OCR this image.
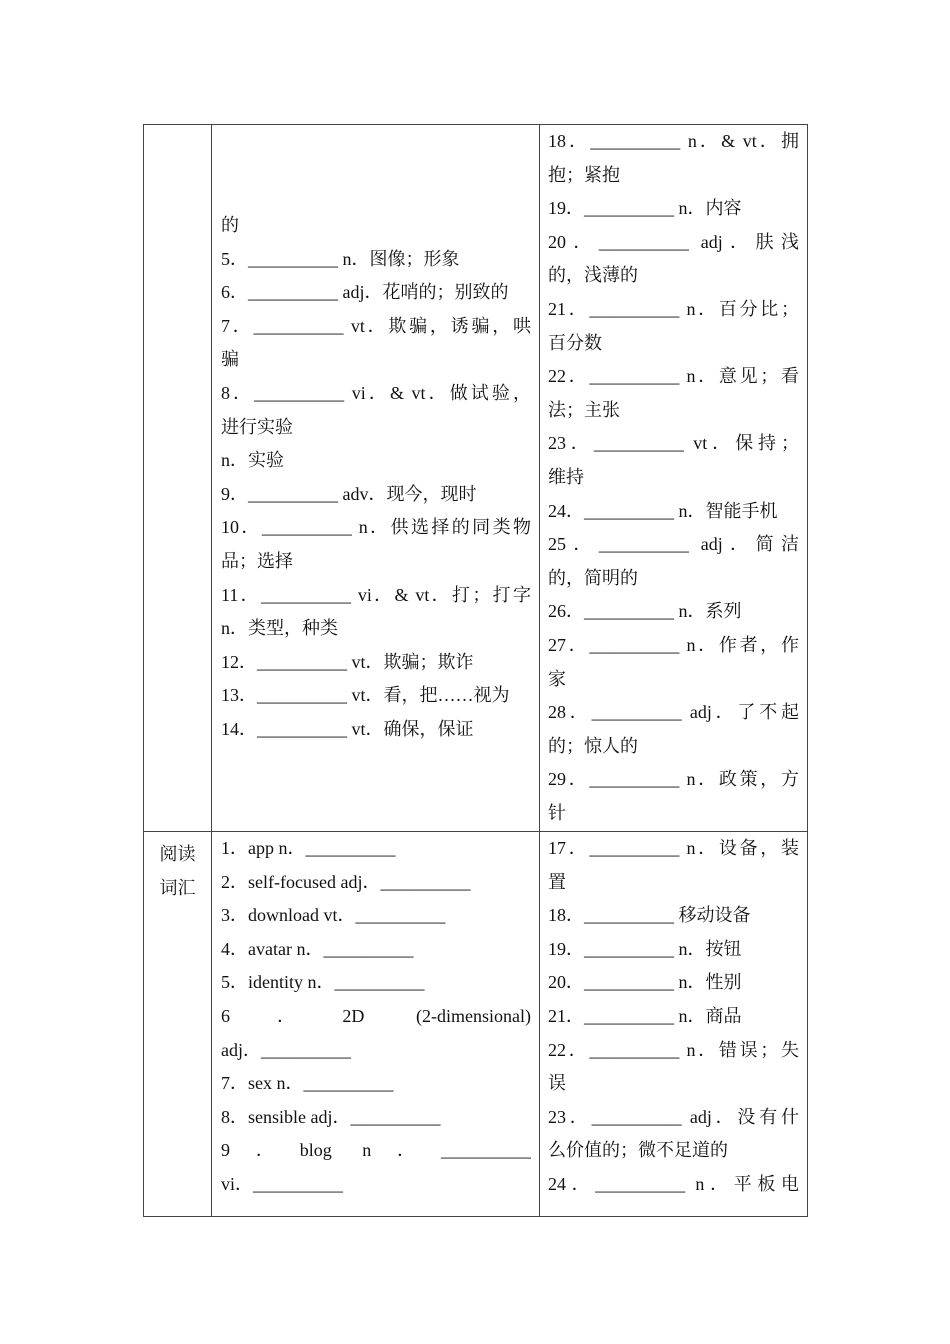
的
5．__________ n．图像；形象
6．__________ adj．花哨的；别致的
7．__________ vt．欺骗，诱骗，哄
骗
8．__________ vi．& vt．做试验，
进行实验
n．实验
9．__________ adv．现今，现时
10．__________ n．供选择的同类物
品；选择
11．__________ vi．& vt．打；打字
n．类型，种类
12．__________ vt．欺骗；欺诈
13．__________ vt．看，把……视为
14．__________ vt．确保，保证
18．__________ n．& vt．拥
抱；紧抱
19．__________ n．内容
20．__________ adj．肤浅
的，浅薄的
21．__________ n．百分比；
百分数
22．__________ n．意见；看
法；主张
23．__________ vt．保持；
维持
24．__________ n．智能手机
25．__________ adj．简洁
的，简明的
26．__________ n．系列
27．__________ n．作者，作
家
28．__________ adj．了不起
的；惊人的
29．__________ n．政策，方
针
阅读
词汇
1．app n．__________
2．self-focused adj．__________
3．download vt．__________
4．avatar n．__________
5．identity n．__________
6．2D (2-dimensional)
adj．__________
7．sex n．__________
8．sensible adj．__________
9．blog n．__________
vi．__________
17．__________ n．设备，装
置
18．__________ 移动设备
19．__________ n．按钮
20．__________ n．性别
21．__________ n．商品
22．__________ n．错误；失
误
23．__________ adj．没有什
么价值的；微不足道的
24．__________ n．平板电
